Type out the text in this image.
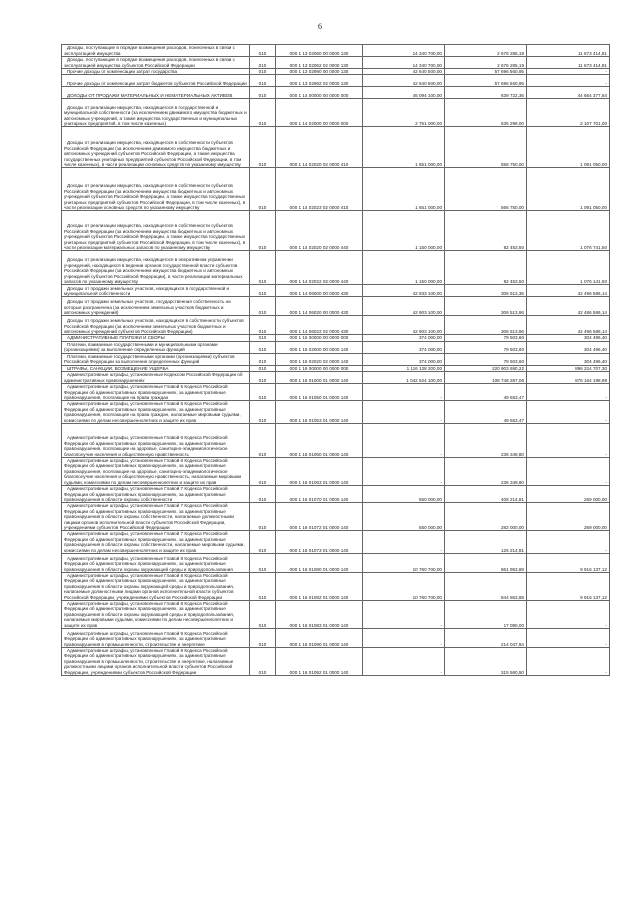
6
Доходы, поступающие в порядке возмещения расходов, понесенных в связи с эксплуатацией имущества	010	000 1 13 02060 00 0000 130	14 340 700,00	2 676 285,19	11 673 414,81
Доходы, поступающие в порядке возмещения расходов, понесенных в связи с эксплуатацией имущества субъектов Российской Федерации	010	000 1 13 02062 02 0000 130	14 340 700,00	2 676 285,19	11 673 414,81
Прочие доходы от компенсации затрат государства	010	000 1 13 02990 00 0000 130	42 640 500,00	57 696 560,95	-
Прочие доходы от компенсации затрат бюджетов субъектов Российской Федерации	010	000 1 13 02992 02 0000 130	42 640 500,00	57 696 560,95	-
ДОХОДЫ ОТ ПРОДАЖИ МАТЕРИАЛЬНЫХ И НЕМАТЕРИАЛЬНЫХ АКТИВОВ	010	000 1 14 00000 00 0000 000	45 094 100,00	639 722,36	44 664 377,64
Доходы от реализации имущества, находящегося в государственной и муниципальной собственности (за исключением движимого имущества бюджетных и автономных учреждений, а также имущества государственных и муниципальных унитарных предприятий, в том числе казенных)	010	000 1 14 02000 00 0000 000	2 751 000,00	635 299,00	2 107 701,00
Доходы от реализации имущества, находящегося в собственности субъектов Российской Федерации (за исключением движимого имущества бюджетных и автономных учреждений субъектов Российской Федерации, а также имущества государственных унитарных предприятий субъектов Российской Федерации, в том числе казенных), в части реализации основных средств по указанному имуществу	010	000 1 14 02020 02 0000 410	1 651 000,00	558 750,00	1 091 050,00
Доходы от реализации имущества, находящегося в собственности субъектов Российской Федерации (за исключением имущества бюджетных и автономных учреждений субъектов Российской Федерации, а также имущества государственных унитарных предприятий субъектов Российской Федерации, в том числе казенных), в части реализации основных средств по указанному имуществу	010	000 1 14 02023 02 0000 410	1 651 000,00	566 750,00	1 091 050,00
Доходы от реализации имущества, находящегося в собственности субъектов Российской Федерации (за исключением имущества бюджетных и автономных учреждений субъектов Российской Федерации, а также имущества государственных унитарных предприятий субъектов Российской Федерации, в том числе казенных), в части реализации материальных запасов по указанному имуществу	010	000 1 14 02020 02 0000 440	1 150 000,00	82 453,50	1 076 741,50
Доходы от реализации имущества, находящегося в оперативном управлении учреждений, находящихся в ведении органов государственной власти субъектов Российской Федерации (за исключением имущества бюджетных и автономных учреждений субъектов Российской Федерации), в части реализации материальных запасов по указанному имуществу	010	000 1 14 02022 02 0000 440	1 150 000,00	82 453,50	1 076 141,50
Доходы от продажи земельных участков, находящихся в государственной и муниципальной собственности	010	000 1 14 06000 00 0000 430	42 933 100,00	306 513,36	42 496 586,14
Доходы от продажи земельных участков, государственная собственность на которые разграничена (за исключением земельных участков бюджетных и автономных учреждений)	010	000 1 14 06020 00 0000 430	42 903 100,00	306 513,86	42 486 586,14
Доходы от продажи земельных участков, находящихся в собственности субъектов Российской Федерации (за исключением земельных участков бюджетных и автономных учреждений субъектов Российской Федерации)	010	000 1 14 06022 02 0000 430	42 903 100,00	306 513,86	42 496 586,14
АДМИНИСТРАТИВНЫЕ ПЛАТЕЖИ И СБОРЫ	010	000 1 15 00000 00 0000 000	374 000,00	79 503,60	304 496,40
Платежи, взимаемые государственными и муниципальными органами (организациями) за выполнение определенных функций	010	000 1 15 02000 00 0000 140	374 000,00	79 503,60	304 496,40
Платежи, взимаемые государственными органами (организациями) субъектов Российской Федерации за выполнение определенных функций	010	000 1 15 02020 02 0000 140	374 000,00	79 503,60	304 496,40
ШТРАФЫ, САНКЦИИ, ВОЗМЕЩЕНИЕ УЩЕРБА	010	000 1 16 00000 00 0000 000	1 116 128 200,00	220 903 690,22	896 224 707,30
Административные штрафы, установленные Кодексом Российской Федерации об административных правонарушениях	010	000 1 16 01000 01 0000 140	1 042 524 100,00	108 748 287,06	876 164 198,98
Административные штрафы, установленные Главой 5 Кодекса Российской Федерации об административных правонарушениях, за административные правонарушения, посягающие на права граждан	010	000 1 16 01050 01 0000 140	-	49 553,47	-
Административные штрафы, установленные Главой 6 Кодекса Российской Федерации об административных правонарушениях, за административные правонарушения, посягающие на права граждан, налагаемые мировыми судьями, комиссиями по делам несовершеннолетних и защите их прав	010	000 1 16 01053 01 0000 140	-	49 553,47	-
Административные штрафы, установленные Главой 6 Кодекса Российской Федерации об административных правонарушениях, за административные правонарушения, посягающие на здоровье, санитарно-эпидемиологическое благополучие населения и общественную нравственность	010	000 1 16 01060 01 0000 140	-	236 349,80	-
Административные штрафы, установленные Главой 6 Кодекса Российской Федерации об административных правонарушениях, за административные правонарушения, посягающие на здоровье, санитарно-эпидемиологическое благополучие населения и общественную нравственность, налагаемые мировыми судьями, комиссиями по делам несовершеннолетних и защите их прав	010	000 1 16 01063 01 0000 140	-	236 349,80	-
Административные штрафы, установленные Главой 7 Кодекса Российской Федерации об административных правонарушениях, за административные правонарушения в области охраны собственности	010	000 1 16 01070 01 0000 140	550 000,00	408 214,81	269 000,00
Административные штрафы, установленные Главой 7 Кодекса Российской Федерации об административных правонарушениях, за административные правонарушения в области охраны собственности, налагаемые должностными лицами органов исполнительной власти субъектов Российской Федерации, учреждениями субъектов Российской Федерации	010	000 1 16 01072 01 0000 140	550 000,00	282 000,00	269 000,00
Административные штрафы, установленные Главой 7 Кодекса Российской Федерации об административных правонарушениях, за административные правонарушения в области охраны собственности, налагаемые мировыми судьями, комиссиями по делам несовершеннолетних и защите их прав	010	000 1 16 01073 01 0000 140	-	125 214,81	-
Административные штрафы, установленные Главой 8 Кодекса Российской Федерации об административных правонарушениях, за административные правонарушения в области охраны окружающей среды и природопользования	010	000 1 16 01080 01 0000 140	10 760 700,00	861 953,88	9 916 137,12
Административные штрафы, установленные Главой 8 Кодекса Российской Федерации об административных правонарушениях, за административные правонарушения в области охраны окружающей среды и природопользования, налагаемые должностными лицами органов исполнительной власти субъектов Российской Федерации, учреждениями субъектов Российской Федерации	010	000 1 16 01082 01 0000 140	10 760 700,00	844 863,88	9 916 137,12
Административные штрафы, установленные Главой 8 Кодекса Российской Федерации об административных правонарушениях, за административные правонарушения в области охраны окружающей среды и природопользования, налагаемые мировыми судьями, комиссиями по делам несовершеннолетних и защите их прав	010	000 1 16 01083 01 0000 140	-	17 090,00	-
Административные штрафы, установленные Главой 9 Кодекса Российской Федерации об административных правонарушениях, за административные правонарушения в промышленности, строительстве и энергетике	010	000 1 16 01090 01 0000 140	-	214 047,94	-
Административные штрафы, установленные Главой 9 Кодекса Российской Федерации об административных правонарушениях, за административные правонарушения в промышленности, строительстве и энергетике, налагаемые должностными лицами органов исполнительной власти субъектов Российской Федерации, учреждениями субъектов Российской Федерации	010	000 1 16 01092 01 0000 140	-	315 560,50	-
